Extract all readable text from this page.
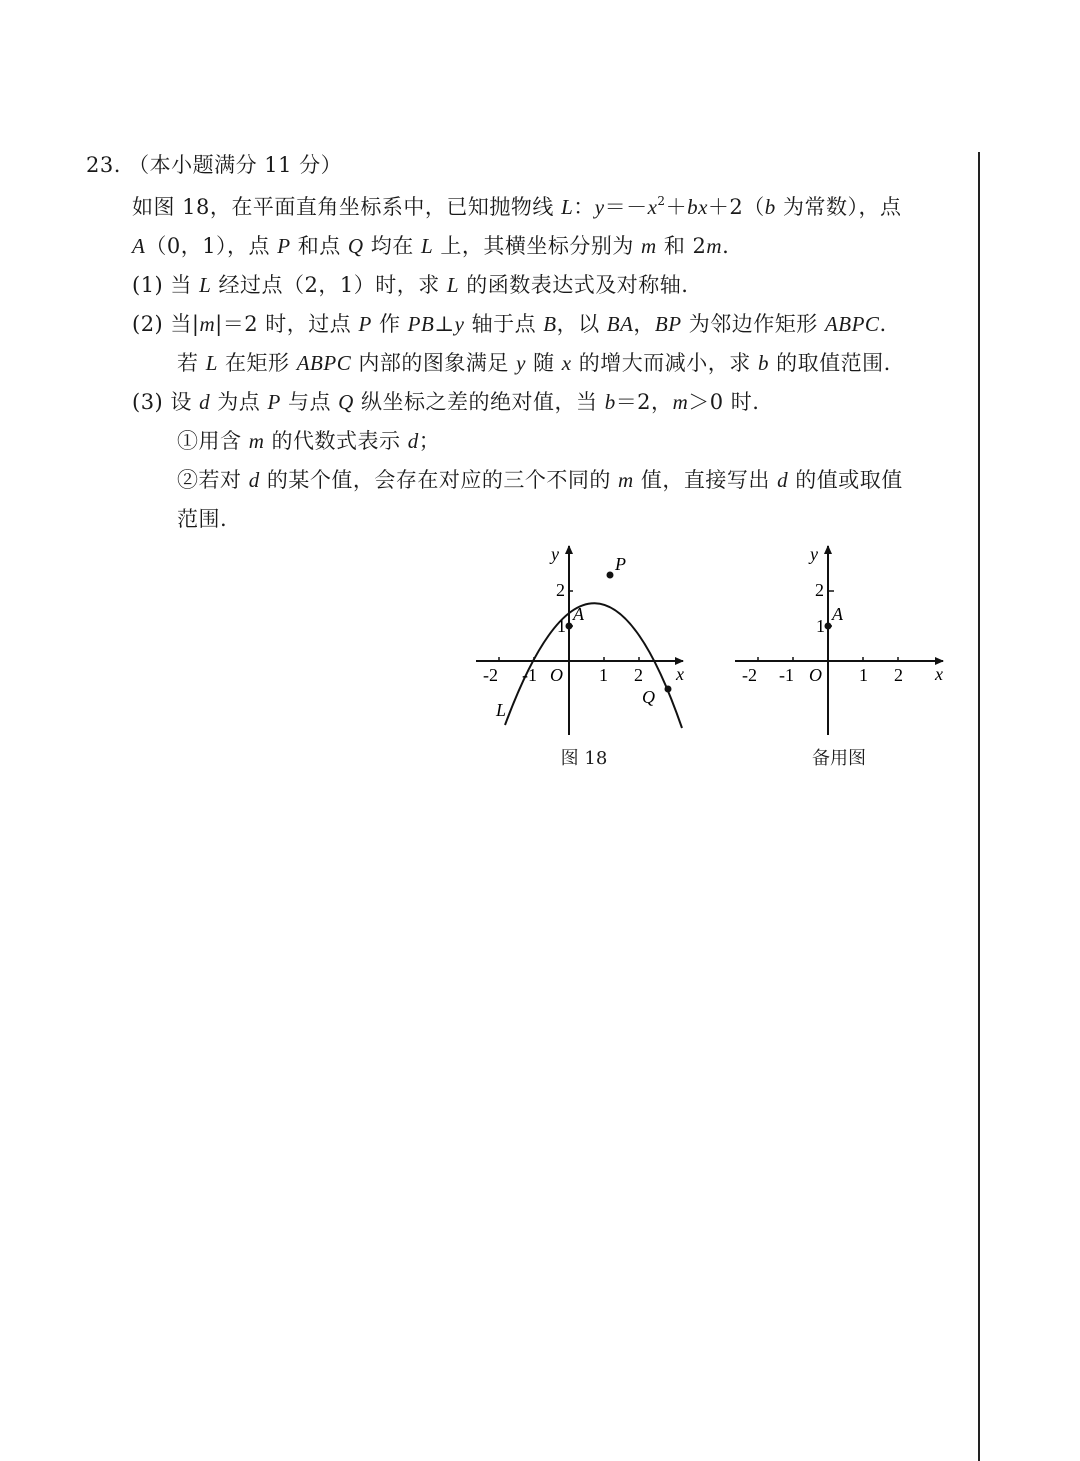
23. （本小题满分 11 分）
如图 18，在平面直角坐标系中，已知抛物线 L：$y=-x^2+bx+2(b$ 为常数），点
A（0，1），点 P 和点 Q 均在 L 上，其横坐标分别为 m 和 2m.
(1) 当 L 经过点（2，1）时，求 L 的函数表达式及对称轴.
(2) 当|m|＝2 时，过点 P 作 PB⊥y 轴于点 B，以 BA，BP 为邻边作矩形 ABPC.
若 L 在矩形 ABPC 内部的图象满足 y 随 x 的增大而减小，求 b 的取值范围.
(3) 设 d 为点 P 与点 Q 纵坐标之差的绝对值，当 b＝2，m＞0 时.
①用含 m 的代数式表示 d；
②若对 d 的某个值，会存在对应的三个不同的 m 值，直接写出 d 的值或取值
范围.
x
y
O
-2 -1	1 2
1
2
A
P
Q
L
图 18
x
y
O
-2 -1	1 2
1
2
A
备用图
